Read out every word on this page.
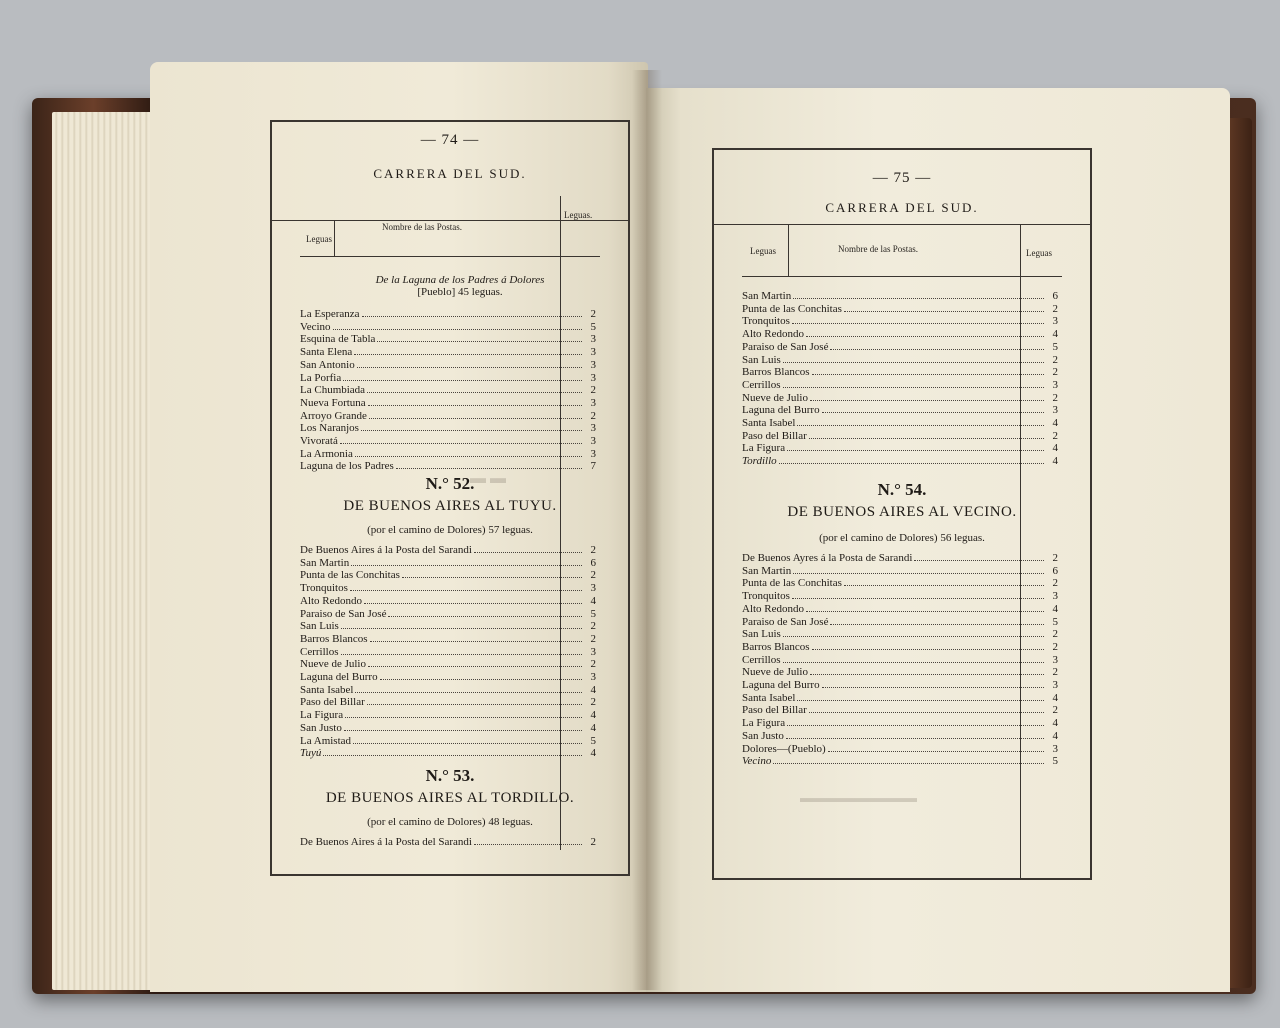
▬ ▬
▬▬▬▬▬▬▬▬▬
— 74 —
CARRERA DEL SUD.
Leguas
Nombre de las Postas.
Leguas.
De la Laguna de los Padres á Dolores
[Pueblo] 45 leguas.
La Esperanza	2
Vecino	5
Esquina de Tabla	3
Santa Elena	3
San Antonio	3
La Porfia	3
La Chumbiada	2
Nueva Fortuna	3
Arroyo Grande	2
Los Naranjos	3
Vivoratá	3
La Armonia	3
Laguna de los Padres	7
N.° 52.
DE BUENOS AIRES AL TUYU.
(por el camino de Dolores) 57 leguas.
De Buenos Aires á la Posta del Sarandi	2
San Martin	6
Punta de las Conchitas	2
Tronquitos	3
Alto Redondo	4
Paraiso de San José	5
San Luis	2
Barros Blancos	2
Cerrillos	3
Nueve de Julio	2
Laguna del Burro	3
Santa Isabel	4
Paso del Billar	2
La Figura	4
San Justo	4
La Amistad	5
Tuyú	4
N.° 53.
DE BUENOS AIRES AL TORDILLO.
(por el camino de Dolores) 48 leguas.
De Buenos Aires á la Posta del Sarandi	2
— 75 —
CARRERA DEL SUD.
Leguas	Nombre de las Postas.	Leguas
San Martin	6
Punta de las Conchitas	2
Tronquitos	3
Alto Redondo	4
Paraiso de San José	5
San Luis	2
Barros Blancos	2
Cerrillos	3
Nueve de Julio	2
Laguna del Burro	3
Santa Isabel	4
Paso del Billar	2
La Figura	4
Tordillo	4
N.° 54.
DE BUENOS AIRES AL VECINO.
(por el camino de Dolores) 56 leguas.
De Buenos Ayres á la Posta de Sarandi	2
San Martin	6
Punta de las Conchitas	2
Tronquitos	3
Alto Redondo	4
Paraiso de San José	5
San Luis	2
Barros Blancos	2
Cerrillos	3
Nueve de Julio	2
Laguna del Burro	3
Santa Isabel	4
Paso del Billar	2
La Figura	4
San Justo	4
Dolores—(Pueblo)	3
Vecino	5
